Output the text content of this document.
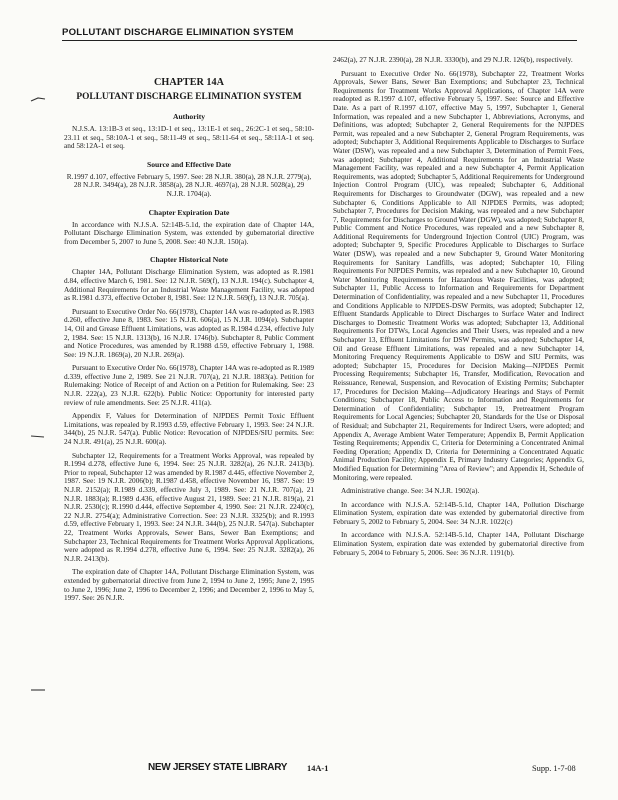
POLLUTANT DISCHARGE ELIMINATION SYSTEM
CHAPTER 14A
POLLUTANT DISCHARGE ELIMINATION SYSTEM
Authority

N.J.S.A. 13:1B-3 et seq., 13:1D-1 et seq., 13:1E-1 et seq., 26:2C-1 et seq., 58:10-23.11 et seq., 58:10A-1 et seq., 58:11-49 et seq., 58:11-64 et seq., 58:11A-1 et seq. and 58:12A-1 et seq.

Source and Effective Date

R.1997 d.107, effective February 5, 1997. See: 28 N.J.R. 380(a), 28 N.J.R. 2779(a), 28 N.J.R. 3494(a), 28 N.J.R. 3858(a), 28 N.J.R. 4697(a), 28 N.J.R. 5028(a), 29 N.J.R. 1704(a).

Chapter Expiration Date

In accordance with N.J.S.A. 52:14B-5.1d, the expiration date of Chapter 14A, Pollutant Discharge Elimination System, was extended by gubernatorial directive from December 5, 2007 to June 5, 2008. See: 40 N.J.R. 150(a).

Chapter Historical Note

Chapter 14A, Pollutant Discharge Elimination System, was adopted as R.1981 d.84, effective March 6, 1981. See: 12 N.J.R. 569(f), 13 N.J.R. 194(c). Subchapter 4, Additional Requirements for an Industrial Waste Management Facility, was adopted as R.1981 d.373, effective October 8, 1981. See: 12 N.J.R. 569(f), 13 N.J.R. 705(a).

Pursuant to Executive Order No. 66(1978), Chapter 14A was re-adopted as R.1983 d.260, effective June 8, 1983. See: 15 N.J.R. 606(a), 15 N.J.R. 1094(e). Subchapter 14, Oil and Grease Effluent Limitations, was adopted as R.1984 d.234, effective July 2, 1984. See: 15 N.J.R. 1313(b), 16 N.J.R. 1746(b). Subchapter 8, Public Comment and Notice Procedures, was amended by R.1988 d.59, effective February 1, 1988. See: 19 N.J.R. 1869(a), 20 N.J.R. 269(a).

Pursuant to Executive Order No. 66(1978), Chapter 14A was re-adopted as R.1989 d.339, effective June 2, 1989. See 21 N.J.R. 707(a), 21 N.J.R. 1883(a). Petition for Rulemaking: Notice of Receipt of and Action on a Petition for Rulemaking. See: 23 N.J.R. 222(a), 23 N.J.R. 622(b). Public Notice: Opportunity for interested party review of rule amendments. See: 25 N.J.R. 411(a).

Appendix F, Values for Determination of NJPDES Permit Toxic Effluent Limitations, was repealed by R.1993 d.59, effective February 1, 1993. See: 24 N.J.R. 344(b), 25 N.J.R. 547(a). Public Notice: Revocation of NJPDES/SIU permits. See: 24 N.J.R. 491(a), 25 N.J.R. 600(a).

Subchapter 12, Requirements for a Treatment Works Approval, was repealed by R.1994 d.278, effective June 6, 1994. See: 25 N.J.R. 3282(a), 26 N.J.R. 2413(b). Prior to repeal, Subchapter 12 was amended by R.1987 d.445, effective November 2, 1987. See: 19 N.J.R. 2006(b); R.1987 d.458, effective November 16, 1987. See: 19 N.J.R. 2152(a); R.1989 d.339, effective July 3, 1989. See: 21 N.J.R. 707(a), 21 N.J.R. 1883(a); R.1989 d.436, effective August 21, 1989. See: 21 N.J.R. 819(a), 21 N.J.R. 2530(c); R.1990 d.444, effective September 4, 1990. See: 21 N.J.R. 2240(c), 22 N.J.R. 2754(a); Administrative Correction. See: 23 N.J.R. 3325(b); and R.1993 d.59, effective February 1, 1993. See: 24 N.J.R. 344(b), 25 N.J.R. 547(a). Subchapter 22, Treatment Works Approvals, Sewer Bans, Sewer Ban Exemptions; and Subchapter 23, Technical Requirements for Treatment Works Approval Applications, were adopted as R.1994 d.278, effective June 6, 1994. See: 25 N.J.R. 3282(a), 26 N.J.R. 2413(b).

The expiration date of Chapter 14A, Pollutant Discharge Elimination System, was extended by gubernatorial directive from June 2, 1994 to June 2, 1995; June 2, 1995 to June 2, 1996; June 2, 1996 to December 2, 1996; and December 2, 1996 to May 5, 1997. See: 26 N.J.R.

2462(a), 27 N.J.R. 2390(a), 28 N.J.R. 3330(b), and 29 N.J.R. 126(b), respectively.

Pursuant to Executive Order No. 66(1978), Subchapter 22, Treatment Works Approvals, Sewer Bans, Sewer Ban Exemptions; and Subchapter 23, Technical Requirements for Treatment Works Approval Applications, of Chapter 14A were readopted as R.1997 d.107, effective February 5, 1997. See: Source and Effective Date. As a part of R.1997 d.107, effective May 5, 1997, Subchapter 1, General Information, was repealed and a new Subchapter 1, Abbreviations, Acronyms, and Definitions, was adopted; Subchapter 2, General Requirements for the NJPDES Permit, was repealed and a new Subchapter 2, General Program Requirements, was adopted; Subchapter 3, Additional Requirements Applicable to Discharges to Surface Water (DSW), was repealed and a new Subchapter 3, Determination of Permit Fees, was adopted; Subchapter 4, Additional Requirements for an Industrial Waste Management Facility, was repealed and a new Subchapter 4, Permit Application Requirements, was adopted; Subchapter 5, Additional Requirements for Underground Injection Control Program (UIC), was repealed; Subchapter 6, Additional Requirements for Discharges to Groundwater (DGW), was repealed and a new Subchapter 6, Conditions Applicable to All NJPDES Permits, was adopted; Subchapter 7, Procedures for Decision Making, was repealed and a new Subchapter 7, Requirements for Discharges to Ground Water (DGW), was adopted; Subchapter 8, Public Comment and Notice Procedures, was repealed and a new Subchapter 8, Additional Requirements for Underground Injection Control (UIC) Program, was adopted; Subchapter 9, Specific Procedures Applicable to Discharges to Surface Water (DSW), was repealed and a new Subchapter 9, Ground Water Monitoring Requirements for Sanitary Landfills, was adopted; Subchapter 10, Filing Requirements For NJPDES Permits, was repealed and a new Subchapter 10, Ground Water Monitoring Requirements for Hazardous Waste Facilities, was adopted; Subchapter 11, Public Access to Information and Requirements for Department Determination of Confidentiality, was repealed and a new Subchapter 11, Procedures and Conditions Applicable to NJPDES-DSW Permits, was adopted; Subchapter 12, Effluent Standards Applicable to Direct Discharges to Surface Water and Indirect Discharges to Domestic Treatment Works was adopted; Subchapter 13, Additional Requirements For DTWs, Local Agencies and Their Users, was repealed and a new Subchapter 13, Effluent Limitations for DSW Permits, was adopted; Subchapter 14, Oil and Grease Effluent Limitations, was repealed and a new Subchapter 14, Monitoring Frequency Requirements Applicable to DSW and SIU Permits, was adopted; Subchapter 15, Procedures for Decision Making—NJPDES Permit Processing Requirements; Subchapter 16, Transfer, Modification, Revocation and Reissuance, Renewal, Suspension, and Revocation of Existing Permits; Subchapter 17, Procedures for Decision Making—Adjudicatory Hearings and Stays of Permit Conditions; Subchapter 18, Public Access to Information and Requirements for Determination of Confidentiality; Subchapter 19, Pretreatment Program Requirements for Local Agencies; Subchapter 20, Standards for the Use or Disposal of Residual; and Subchapter 21, Requirements for Indirect Users, were adopted; and Appendix A, Average Ambient Water Temperature; Appendix B, Permit Application Testing Requirements; Appendix C, Criteria for Determining a Concentrated Animal Feeding Operation; Appendix D, Criteria for Determining a Concentrated Aquatic Animal Production Facility; Appendix E, Primary Industry Categories; Appendix G, Modified Equation for Determining "Area of Review"; and Appendix H, Schedule of Monitoring, were repealed.

Administrative change. See: 34 N.J.R. 1902(a).

In accordance with N.J.S.A. 52:14B-5.1d, Chapter 14A, Pollution Discharge Elimination System, expiration date was extended by gubernatorial directive from February 5, 2002 to February 5, 2004. See: 34 N.J.R. 1022(c)

In accordance with N.J.S.A. 52:14B-5.1d, Chapter 14A, Pollutant Discharge Elimination System, expiration date was extended by gubernatorial directive from February 5, 2004 to February 5, 2006. See: 36 N.J.R. 1191(b).

NEW JERSEY STATE LIBRARY 14A-1	Supp. 1-7-08
